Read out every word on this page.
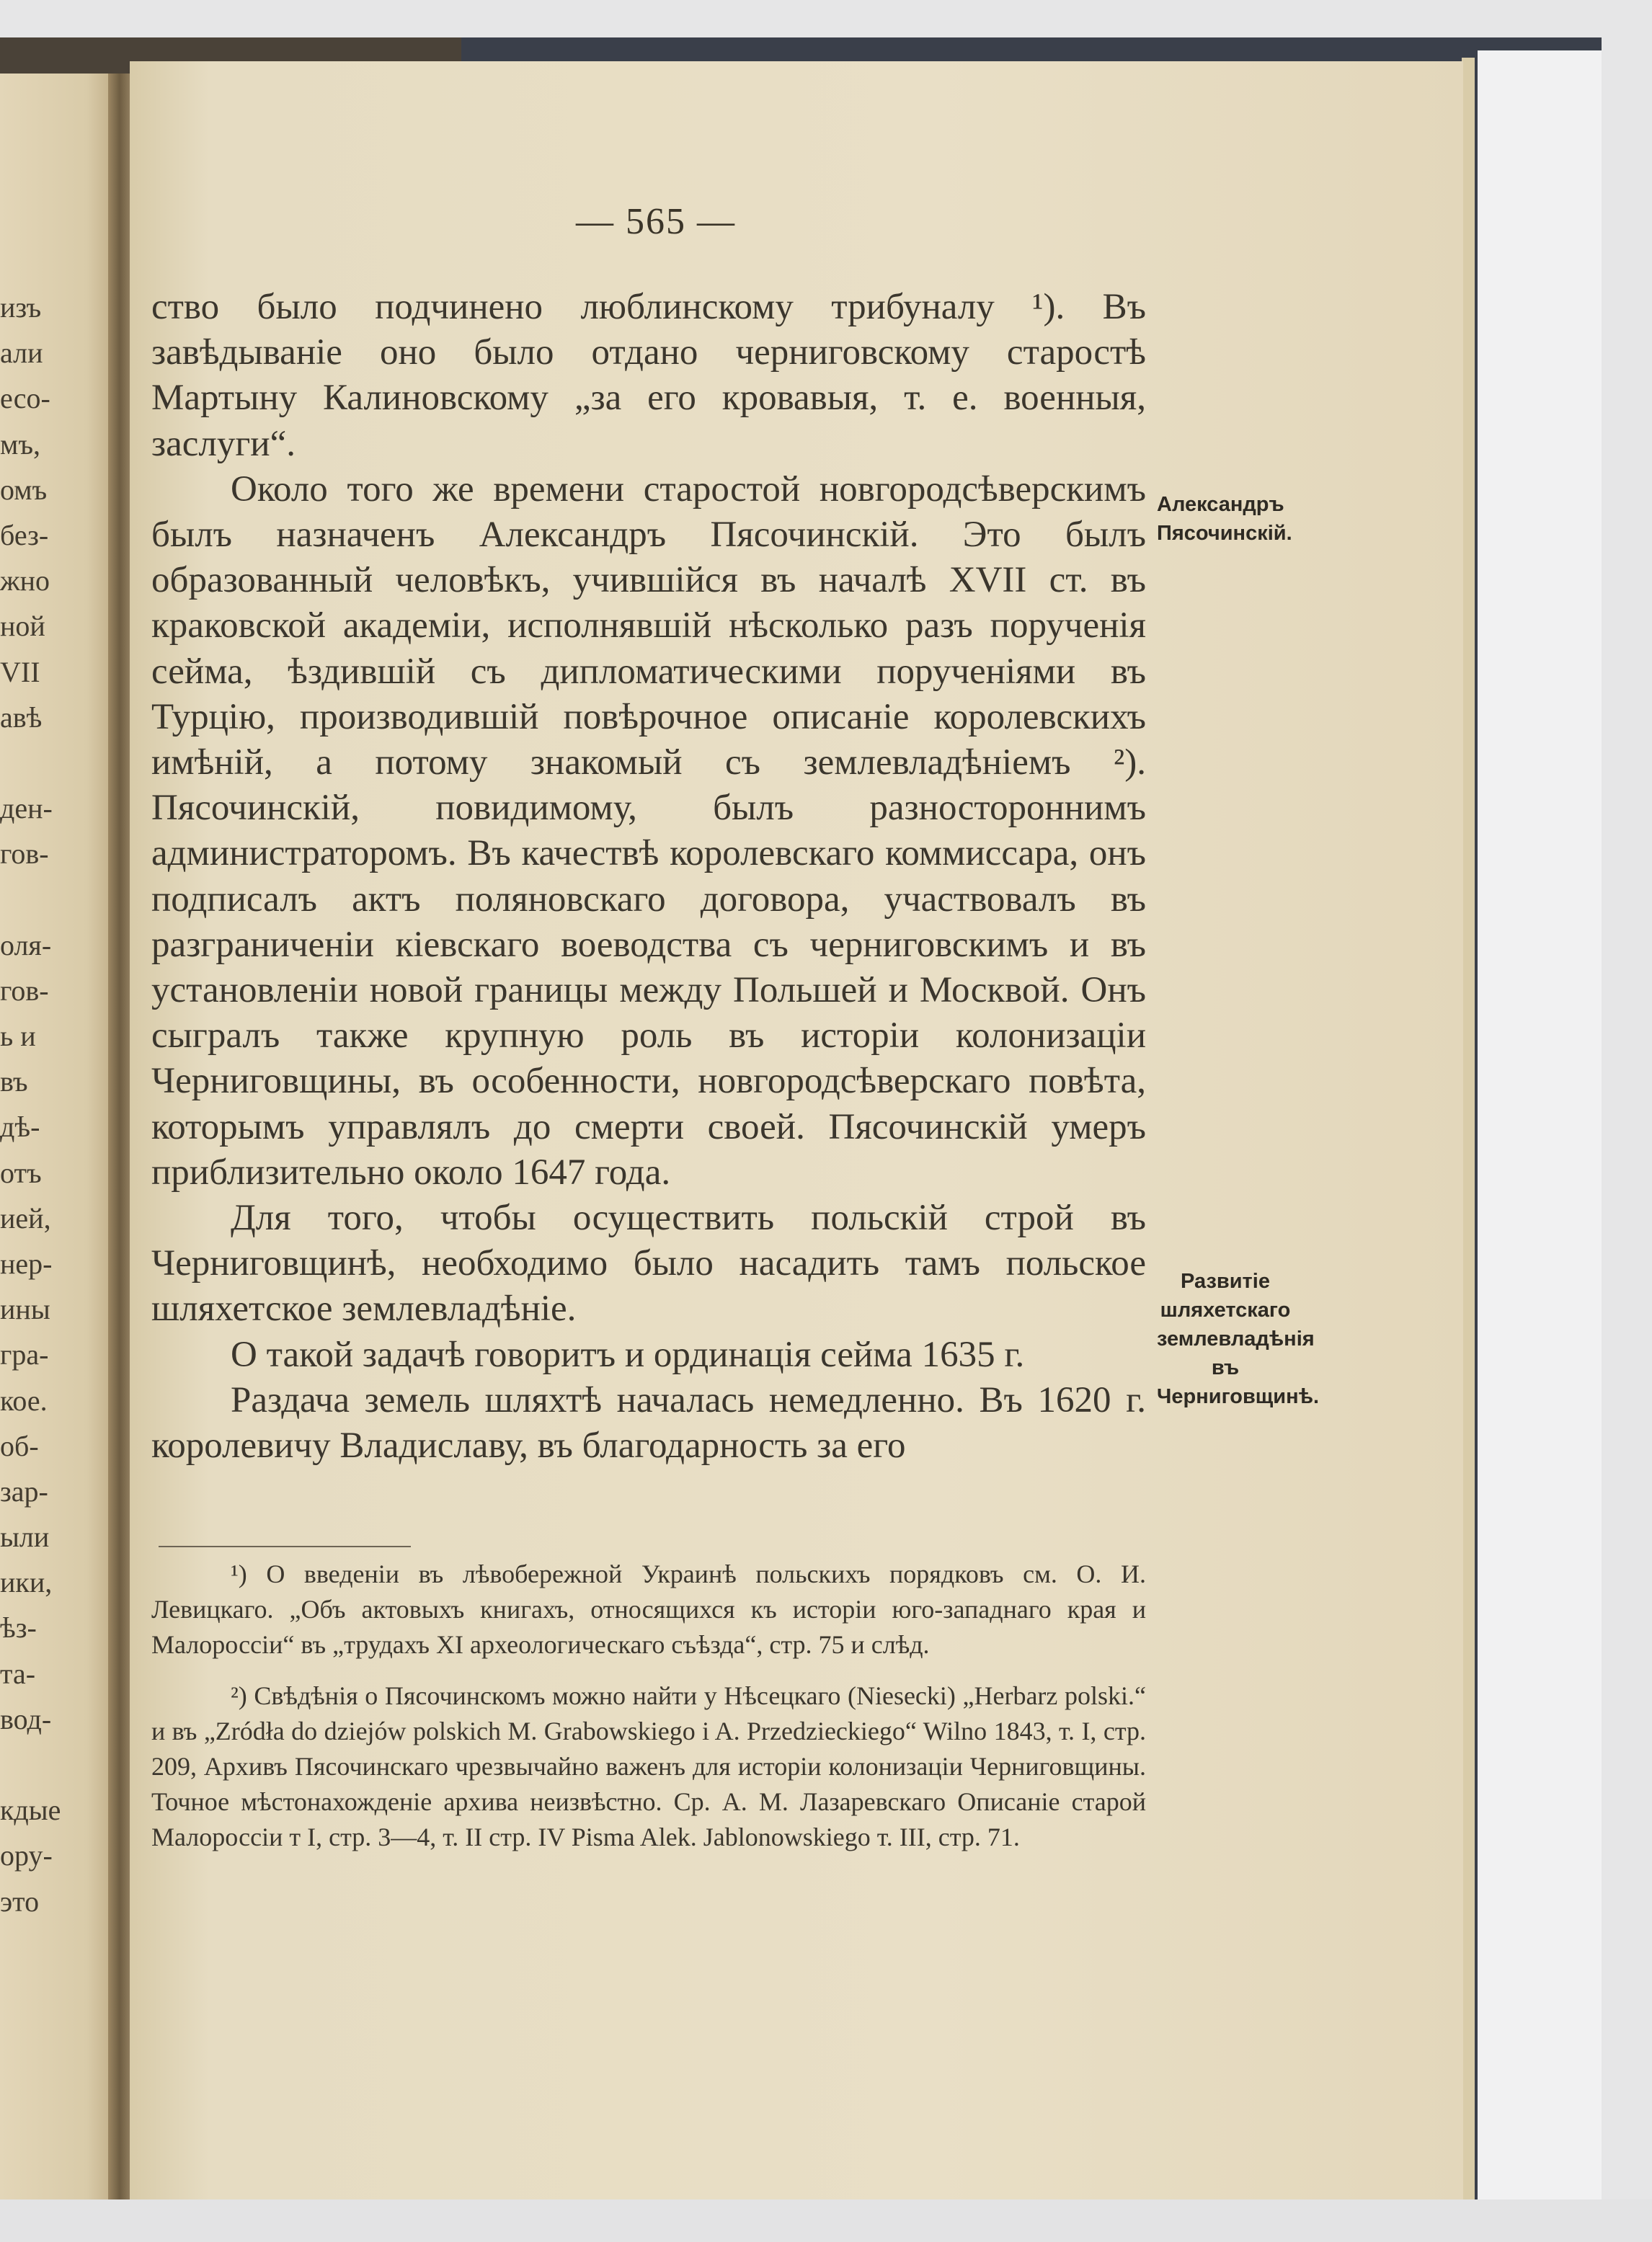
изъ
али
есо-
мъ,
омъ
без-
жно
ной
VII
авѣ
ден-
гов-
оля-
гов-
ь и
въ
дѣ-
отъ
ией,
нер-
ины
гра-
кое.
об-
зар-
ыли
ики,
ѣз-
та-
вод-
кдые
ору-
это
— 565 —

ство было подчинено люблинскому трибуналу ¹). Въ завѣдываніе оно было отдано черниговскому старостѣ Мартыну Калиновскому „за его кровавыя, т. е. военныя, заслуги“.

Около того же времени старостой новгородсѣверскимъ былъ назначенъ Александръ Пясочинскій. Это былъ образованный человѣкъ, учившійся въ началѣ XVII ст. въ краковской академіи, исполнявшій нѣсколько разъ порученія сейма, ѣздившій съ дипломатическими порученіями въ Турцію, производившій повѣрочное описаніе королевскихъ имѣній, а потому знакомый съ землевладѣніемъ ²). Пясочинскій, повидимому, былъ разностороннимъ администраторомъ. Въ качествѣ королевскаго коммиссара, онъ подписалъ актъ поляновскаго договора, участвовалъ въ разграниченіи кіевскаго воеводства съ черниговскимъ и въ установленіи новой границы между Польшей и Москвой. Онъ сыгралъ также крупную роль въ исторіи колонизаціи Черниговщины, въ особенности, новгородсѣверскаго повѣта, которымъ управлялъ до смерти своей. Пясочинскій умеръ приблизительно около 1647 года.

Для того, чтобы осуществить польскій строй въ Черниговщинѣ, необходимо было насадить тамъ польское шляхетское землевладѣніе.

О такой задачѣ говоритъ и ординація сейма 1635 г.

Раздача земель шляхтѣ началась немедленно. Въ 1620 г. королевичу Владиславу, въ благодарность за его

Александръ Пясочинскій.
Развитіе шляхетскаго землевладѣнія въ Черниговщинѣ.

¹) О введеніи въ лѣвобережной Украинѣ польскихъ порядковъ см. О. И. Левицкаго. „Объ актовыхъ книгахъ, относящихся къ исторіи юго-западнаго края и Малороссіи“ въ „трудахъ XI археологическаго съѣзда“, стр. 75 и слѣд.

²) Свѣдѣнія о Пясочинскомъ можно найти у Нѣсецкаго (Niesecki) „Herbarz polski.“ и въ „Zródła do dziejów polskich M. Grabowskiego i A. Przedzieckiego“ Wilno 1843, т. I, стр. 209, Архивъ Пясочинскаго чрезвычайно важенъ для исторіи колонизаціи Черниговщины. Точное мѣстонахожденіе архива неизвѣстно. Ср. А. М. Лазаревскаго Описаніе старой Малороссіи т I, стр. 3—4, т. II стр. IV Pisma Alek. Jablonowskiego т. III, стр. 71.
